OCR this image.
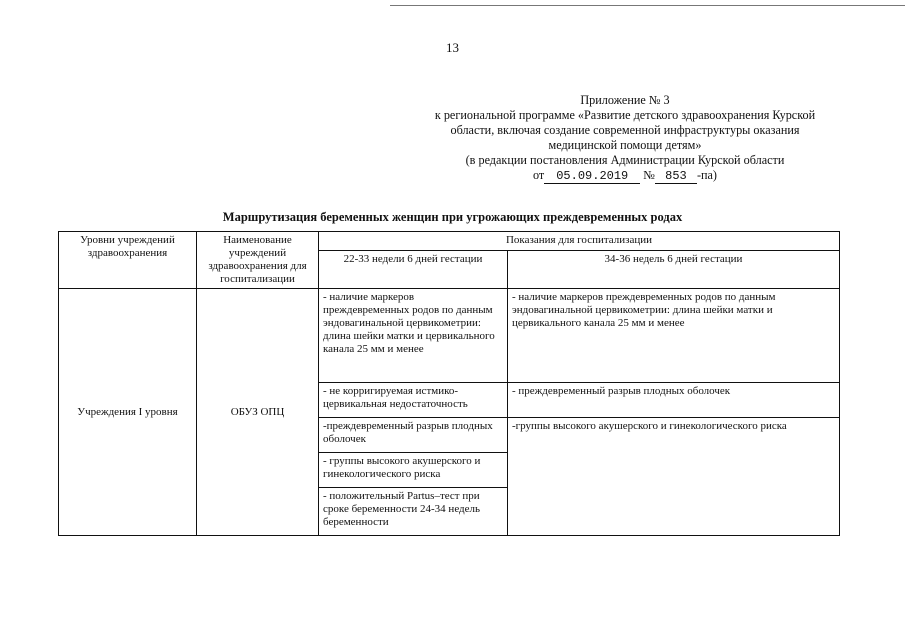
13
Приложение № 3
к региональной программе «Развитие детского здравоохранения Курской
области, включая создание современной инфраструктуры оказания
медицинской помощи детям»
(в редакции постановления Администрации Курской области
от 05.09.2019 № 853 -па)
Маршрутизация беременных женщин при угрожающих преждевременных родах
Уровни учреждений здравоохранения	Наименование учреждений здравоохранения для госпитализации	Показания для госпитализации	
		22-33 недели 6 дней гестации	34-36 недель 6 дней гестации
Учреждения I уровня	ОБУЗ ОПЦ	- наличие маркеров преждевременных родов по данным эндовагинальной цервикометрии: длина шейки матки и цервикального канала 25 мм и менее	- наличие маркеров преждевременных родов по данным эндовагинальной цервикометрии: длина шейки матки и цервикального канала 25 мм и менее
		- не корригируемая истмико-цервикальная недостаточность	- преждевременный разрыв плодных оболочек
		-преждевременный разрыв плодных оболочек	-группы высокого акушерского и гинекологического риска
		- группы высокого акушерского и гинекологического риска	
		- положительный Partus–тест при сроке беременности 24-34 недель беременности	
